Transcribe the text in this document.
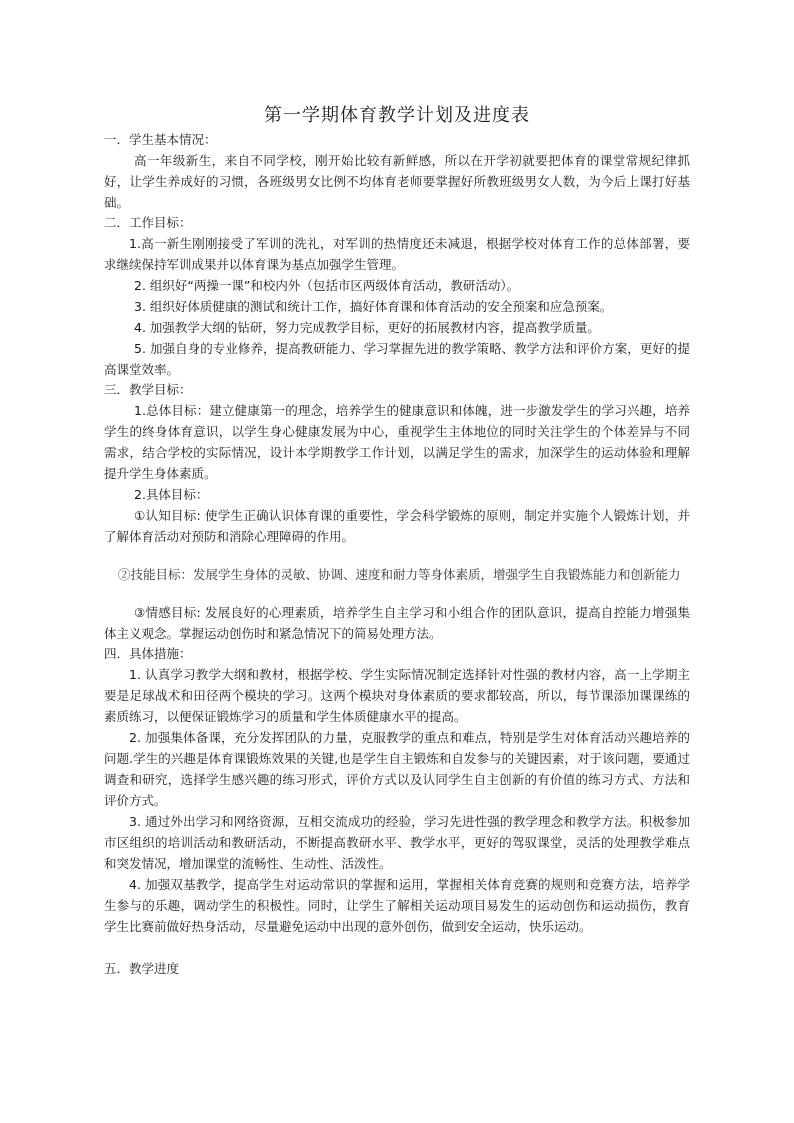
第一学期体育教学计划及进度表

一．学生基本情况：

高一年级新生，来自不同学校，刚开始比较有新鲜感，所以在开学初就要把体育的课堂常规纪律抓好，让学生养成好的习惯，各班级男女比例不均体育老师要掌握好所教班级男女人数，为今后上课打好基础。

二．工作目标：

1.高一新生刚刚接受了军训的洗礼，对军训的热情度还未减退，根据学校对体育工作的总体部署，要求继续保持军训成果并以体育课为基点加强学生管理。

2. 组织好“两操一课”和校内外（包括市区两级体育活动，教研活动）。

3. 组织好体质健康的测试和统计工作，搞好体育课和体育活动的安全预案和应急预案。

4. 加强教学大纲的钻研，努力完成教学目标，更好的拓展教材内容，提高教学质量。

5. 加强自身的专业修养，提高教研能力、学习掌握先进的教学策略、教学方法和评价方案，更好的提高课堂效率。

三．教学目标：

1.总体目标：建立健康第一的理念，培养学生的健康意识和体魄，进一步激发学生的学习兴趣，培养学生的终身体育意识，以学生身心健康发展为中心，重视学生主体地位的同时关注学生的个体差异与不同需求，结合学校的实际情况，设计本学期教学工作计划，以满足学生的需求，加深学生的运动体验和理解提升学生身体素质。

2.具体目标：

①认知目标: 使学生正确认识体育课的重要性，学会科学锻炼的原则，制定并实施个人锻炼计划，并了解体育活动对预防和消除心理障碍的作用。

②技能目标：发展学生身体的灵敏、协调、速度和耐力等身体素质，增强学生自我锻炼能力和创新能力

③情感目标: 发展良好的心理素质，培养学生自主学习和小组合作的团队意识，提高自控能力增强集体主义观念。掌握运动创伤时和紧急情况下的简易处理方法。

四．具体措施：

1. 认真学习教学大纲和教材，根据学校、学生实际情况制定选择针对性强的教材内容，高一上学期主要是足球战术和田径两个模块的学习。这两个模块对身体素质的要求都较高，所以，每节课添加课课练的素质练习，以便保证锻炼学习的质量和学生体质健康水平的提高。

2. 加强集体备课，充分发挥团队的力量，克服教学的重点和难点，特别是学生对体育活动兴趣培养的问题.学生的兴趣是体育课锻炼效果的关键,也是学生自主锻炼和自发参与的关键因素，对于该问题，要通过调查和研究，选择学生感兴趣的练习形式，评价方式以及认同学生自主创新的有价值的练习方式、方法和评价方式。

3. 通过外出学习和网络资源，互相交流成功的经验，学习先进性强的教学理念和教学方法。积极参加市区组织的培训活动和教研活动，不断提高教研水平、教学水平，更好的驾驭课堂，灵活的处理教学难点和突发情况，增加课堂的流畅性、生动性、活泼性。

4. 加强双基教学，提高学生对运动常识的掌握和运用，掌握相关体育竞赛的规则和竞赛方法，培养学生参与的乐趣，调动学生的积极性。同时，让学生了解相关运动项目易发生的运动创伤和运动损伤，教育学生比赛前做好热身活动，尽量避免运动中出现的意外创伤，做到安全运动，快乐运动。

五．教学进度
